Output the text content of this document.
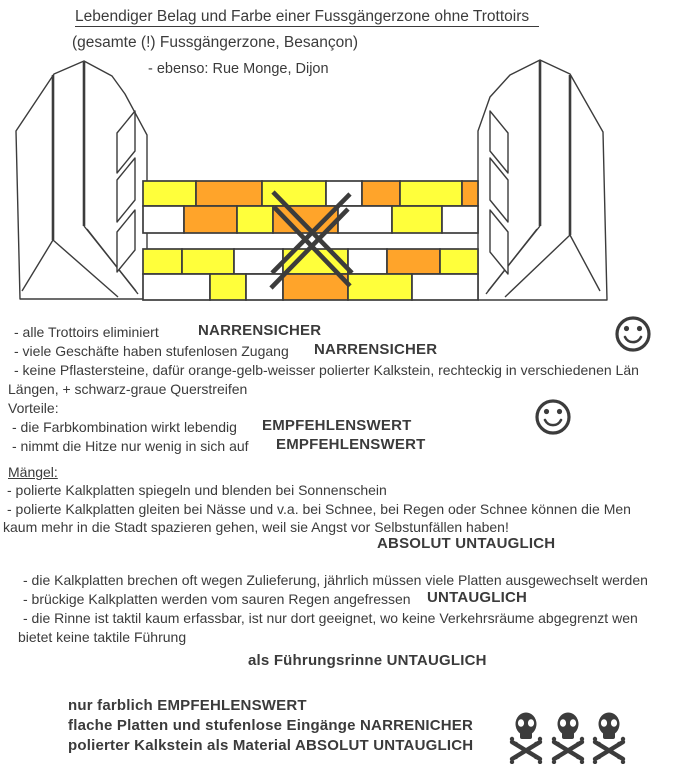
Lebendiger Belag und Farbe einer Fussgängerzone ohne Trottoirs
(gesamte (!) Fussgängerzone, Besançon)
- ebenso: Rue Monge, Dijon
- alle Trottoirs eliminiert	NARRENSICHER
- viele Geschäfte haben stufenlosen Zugang NARRENSICHER
- keine Pflastersteine, dafür orange-gelb-weisser polierter Kalkstein, rechteckig in verschiedenen Län
Längen, + schwarz-graue Querstreifen
Vorteile:
- die Farbkombination wirkt lebendig EMPFEHLENSWERT
- nimmt die Hitze nur wenig in sich auf EMPFEHLENSWERT
Mängel:
- polierte Kalkplatten spiegeln und blenden bei Sonnenschein
- polierte Kalkplatten gleiten bei Nässe und v.a. bei Schnee, bei Regen oder Schnee können die Men
kaum mehr in die Stadt spazieren gehen, weil sie Angst vor Selbstunfällen haben!
ABSOLUT UNTAUGLICH
- die Kalkplatten brechen oft wegen Zulieferung, jährlich müssen viele Platten ausgewechselt werden
- brückige Kalkplatten werden vom sauren Regen angefressen UNTAUGLICH
- die Rinne ist taktil kaum erfassbar, ist nur dort geeignet, wo keine Verkehrsräume abgegrenzt wen
bietet keine taktile Führung
als Führungsrinne UNTAUGLICH
nur farblich EMPFEHLENSWERT
flache Platten und stufenlose Eingänge NARRENICHER
polierter Kalkstein als Material ABSOLUT UNTAUGLICH
